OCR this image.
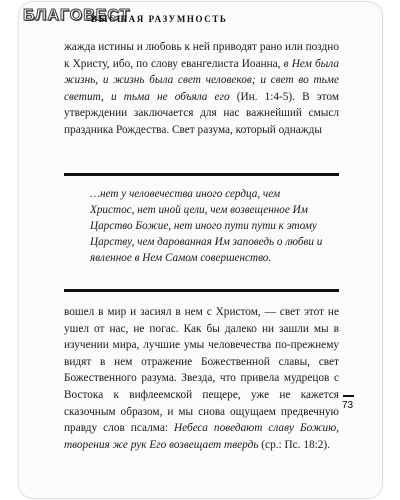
БЛАГОВЕСТ
ВЫСШАЯ РАЗУМНОСТЬ

жажда истины и любовь к ней приводят рано или поздно к Христу, ибо, по слову евангелиста Иоанна, в Нем была жизнь, и жизнь была свет человеков; и свет во тьме светит, и тьма не объяла его (Ин. 1:4-5). В этом утверждении заключается для нас важнейший смысл праздника Рождества. Свет разума, который однажды

…нет у человечества иного сердца, чем Христос, нет иной цели, чем возвещенное Им Царство Божие, нет иного пути пути к этому Царству, чем дарованная Им заповедь о любви и явленное в Нем Самом совершенство.

вошел в мир и засиял в нем с Христом, — свет этот не ушел от нас, не погас. Как бы далеко ни зашли мы в изучении мира, лучшие умы человечества по-прежнему видят в нем отражение Божественной славы, свет Божественного разума. Звезда, что привела мудрецов с Востока к вифлеемской пещере, уже не кажется сказочным образом, и мы снова ощущаем предвечную правду слов псалма: Небеса поведают славу Божию, творения же рук Его возвещает твердь (ср.: Пс. 18:2).

73
